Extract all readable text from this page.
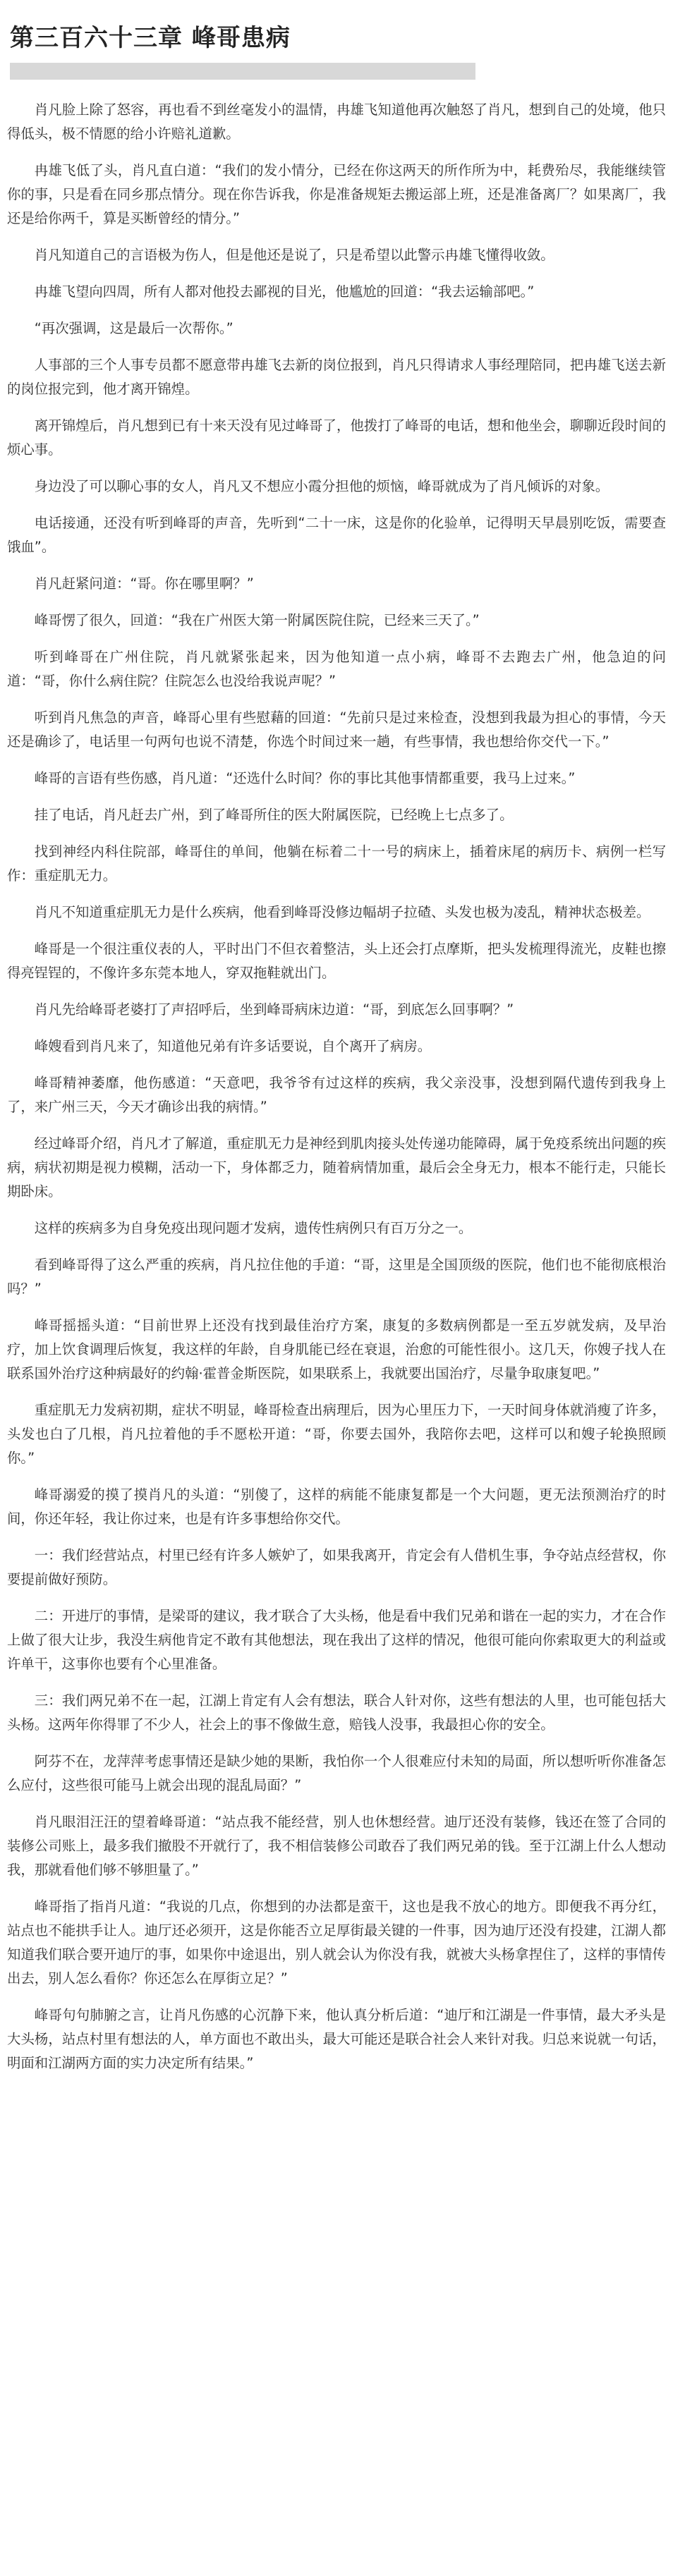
第三百六十三章 峰哥患病

肖凡脸上除了怒容，再也看不到丝毫发小的温情，冉雄飞知道他再次触怒了肖凡，想到自己的处境，他只得低头，极不情愿的给小许赔礼道歉。

冉雄飞低了头，肖凡直白道：“我们的发小情分，已经在你这两天的所作所为中，耗费殆尽，我能继续管你的事，只是看在同乡那点情分。现在你告诉我，你是准备规矩去搬运部上班，还是准备离厂？如果离厂，我还是给你两千，算是买断曾经的情分。”

肖凡知道自己的言语极为伤人，但是他还是说了，只是希望以此警示冉雄飞懂得收敛。

冉雄飞望向四周，所有人都对他投去鄙视的目光，他尴尬的回道：“我去运输部吧。”

“再次强调，这是最后一次帮你。”

人事部的三个人事专员都不愿意带冉雄飞去新的岗位报到，肖凡只得请求人事经理陪同，把冉雄飞送去新的岗位报完到，他才离开锦煌。

离开锦煌后，肖凡想到已有十来天没有见过峰哥了，他拨打了峰哥的电话，想和他坐会，聊聊近段时间的烦心事。

身边没了可以聊心事的女人，肖凡又不想应小霞分担他的烦恼，峰哥就成为了肖凡倾诉的对象。

电话接通，还没有听到峰哥的声音，先听到“二十一床，这是你的化验单，记得明天早晨别吃饭，需要查饿血”。

肖凡赶紧问道：“哥。你在哪里啊？”

峰哥愣了很久，回道：“我在广州医大第一附属医院住院，已经来三天了。”

听到峰哥在广州住院，肖凡就紧张起来，因为他知道一点小病，峰哥不去跑去广州，他急迫的问道：“哥，你什么病住院？住院怎么也没给我说声呢？”

听到肖凡焦急的声音，峰哥心里有些慰藉的回道：“先前只是过来检查，没想到我最为担心的事情，今天还是确诊了，电话里一句两句也说不清楚，你选个时间过来一趟，有些事情，我也想给你交代一下。”

峰哥的言语有些伤感，肖凡道：“还选什么时间？你的事比其他事情都重要，我马上过来。”

挂了电话，肖凡赶去广州，到了峰哥所住的医大附属医院，已经晚上七点多了。

找到神经内科住院部，峰哥住的单间，他躺在标着二十一号的病床上，插着床尾的病历卡、病例一栏写作：重症肌无力。

肖凡不知道重症肌无力是什么疾病，他看到峰哥没修边幅胡子拉碴、头发也极为凌乱，精神状态极差。

峰哥是一个很注重仪表的人，平时出门不但衣着整洁，头上还会打点摩斯，把头发梳理得流光，皮鞋也擦得亮锃锃的，不像许多东莞本地人，穿双拖鞋就出门。

肖凡先给峰哥老婆打了声招呼后，坐到峰哥病床边道：“哥，到底怎么回事啊？”

峰嫂看到肖凡来了，知道他兄弟有许多话要说，自个离开了病房。

峰哥精神萎靡，他伤感道：“天意吧，我爷爷有过这样的疾病，我父亲没事，没想到隔代遗传到我身上了，来广州三天，今天才确诊出我的病情。”

经过峰哥介绍，肖凡才了解道，重症肌无力是神经到肌肉接头处传递功能障碍，属于免疫系统出问题的疾病，病状初期是视力模糊，活动一下，身体都乏力，随着病情加重，最后会全身无力，根本不能行走，只能长期卧床。

这样的疾病多为自身免疫出现问题才发病，遗传性病例只有百万分之一。

看到峰哥得了这么严重的疾病，肖凡拉住他的手道：“哥，这里是全国顶级的医院，他们也不能彻底根治吗？”

峰哥摇摇头道：“目前世界上还没有找到最佳治疗方案，康复的多数病例都是一至五岁就发病，及早治疗，加上饮食调理后恢复，我这样的年龄，自身肌能已经在衰退，治愈的可能性很小。这几天，你嫂子找人在联系国外治疗这种病最好的约翰·霍普金斯医院，如果联系上，我就要出国治疗，尽量争取康复吧。”

重症肌无力发病初期，症状不明显，峰哥检查出病理后，因为心里压力下，一天时间身体就消瘦了许多，头发也白了几根，肖凡拉着他的手不愿松开道：“哥，你要去国外，我陪你去吧，这样可以和嫂子轮换照顾你。”

峰哥溺爱的摸了摸肖凡的头道：“别傻了，这样的病能不能康复都是一个大问题，更无法预测治疗的时间，你还年轻，我让你过来，也是有许多事想给你交代。

一：我们经营站点，村里已经有许多人嫉妒了，如果我离开，肯定会有人借机生事，争夺站点经营权，你要提前做好预防。

二：开进厅的事情，是梁哥的建议，我才联合了大头杨，他是看中我们兄弟和谐在一起的实力，才在合作上做了很大让步，我没生病他肯定不敢有其他想法，现在我出了这样的情况，他很可能向你索取更大的利益或许单干，这事你也要有个心里准备。

三：我们两兄弟不在一起，江湖上肯定有人会有想法，联合人针对你，这些有想法的人里，也可能包括大头杨。这两年你得罪了不少人，社会上的事不像做生意，赔钱人没事，我最担心你的安全。

阿芬不在，龙萍萍考虑事情还是缺少她的果断，我怕你一个人很难应付未知的局面，所以想听听你准备怎么应付，这些很可能马上就会出现的混乱局面？”

肖凡眼泪汪汪的望着峰哥道：“站点我不能经营，别人也休想经营。迪厅还没有装修，钱还在签了合同的装修公司账上，最多我们撤股不开就行了，我不相信装修公司敢吞了我们两兄弟的钱。至于江湖上什么人想动我，那就看他们够不够胆量了。”

峰哥指了指肖凡道：“我说的几点，你想到的办法都是蛮干，这也是我不放心的地方。即便我不再分红，站点也不能拱手让人。迪厅还必须开，这是你能否立足厚街最关键的一件事，因为迪厅还没有投建，江湖人都知道我们联合要开迪厅的事，如果你中途退出，别人就会认为你没有我，就被大头杨拿捏住了，这样的事情传出去，别人怎么看你？你还怎么在厚街立足？”

峰哥句句肺腑之言，让肖凡伤感的心沉静下来，他认真分析后道：“迪厅和江湖是一件事情，最大矛头是大头杨，站点村里有想法的人，单方面也不敢出头，最大可能还是联合社会人来针对我。归总来说就一句话，明面和江湖两方面的实力决定所有结果。”
